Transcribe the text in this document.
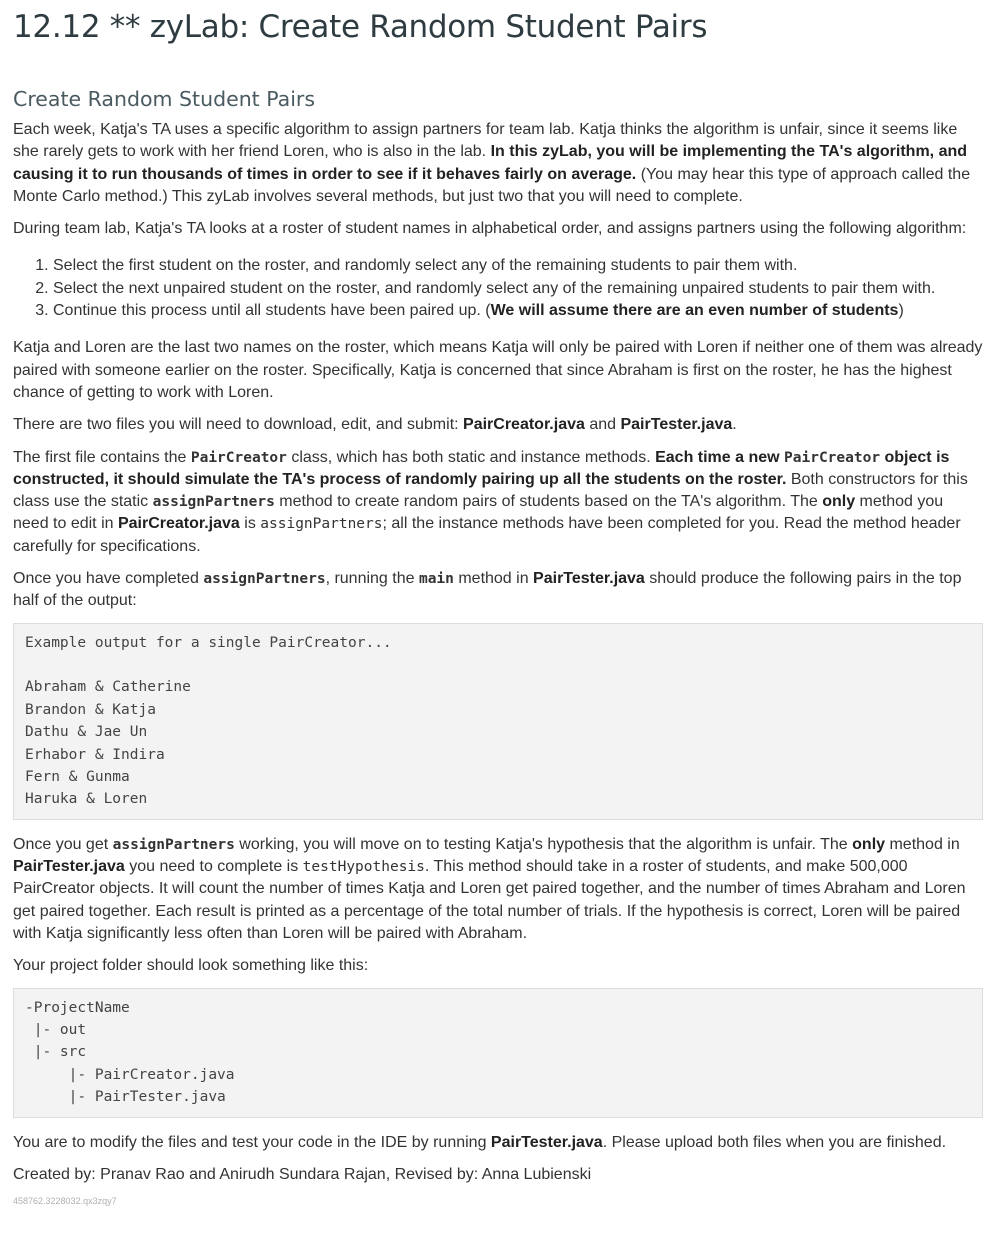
12.12 ** zyLab: Create Random Student Pairs
Create Random Student Pairs

Each week, Katja's TA uses a specific algorithm to assign partners for team lab. Katja thinks the algorithm is unfair, since it seems like she rarely gets to work with her friend Loren, who is also in the lab. In this zyLab, you will be implementing the TA's algorithm, and causing it to run thousands of times in order to see if it behaves fairly on average. (You may hear this type of approach called the Monte Carlo method.) This zyLab involves several methods, but just two that you will need to complete.

During team lab, Katja's TA looks at a roster of student names in alphabetical order, and assigns partners using the following algorithm:

1. Select the first student on the roster, and randomly select any of the remaining students to pair them with.
2. Select the next unpaired student on the roster, and randomly select any of the remaining unpaired students to pair them with.
3. Continue this process until all students have been paired up. (We will assume there are an even number of students)

Katja and Loren are the last two names on the roster, which means Katja will only be paired with Loren if neither one of them was already paired with someone earlier on the roster. Specifically, Katja is concerned that since Abraham is first on the roster, he has the highest chance of getting to work with Loren.

There are two files you will need to download, edit, and submit: PairCreator.java and PairTester.java.

The first file contains the PairCreator class, which has both static and instance methods. Each time a new PairCreator object is constructed, it should simulate the TA's process of randomly pairing up all the students on the roster. Both constructors for this class use the static assignPartners method to create random pairs of students based on the TA's algorithm. The only method you need to edit in PairCreator.java is assignPartners; all the instance methods have been completed for you. Read the method header carefully for specifications.

Once you have completed assignPartners, running the main method in PairTester.java should produce the following pairs in the top half of the output:

Example output for a single PairCreator...
Abraham & Catherine
Brandon & Katja
Dathu & Jae Un
Erhabor & Indira
Fern & Gunma
Haruka & Loren

Once you get assignPartners working, you will move on to testing Katja's hypothesis that the algorithm is unfair. The only method in PairTester.java you need to complete is testHypothesis. This method should take in a roster of students, and make 500,000 PairCreator objects. It will count the number of times Katja and Loren get paired together, and the number of times Abraham and Loren get paired together. Each result is printed as a percentage of the total number of trials. If the hypothesis is correct, Loren will be paired with Katja significantly less often than Loren will be paired with Abraham.

Your project folder should look something like this:

-ProjectName
|- out
|- src
|- PairCreator.java
|- PairTester.java

You are to modify the files and test your code in the IDE by running PairTester.java. Please upload both files when you are finished.

Created by: Pranav Rao and Anirudh Sundara Rajan, Revised by: Anna Lubienski

458762.3228032.qx3zqy7
